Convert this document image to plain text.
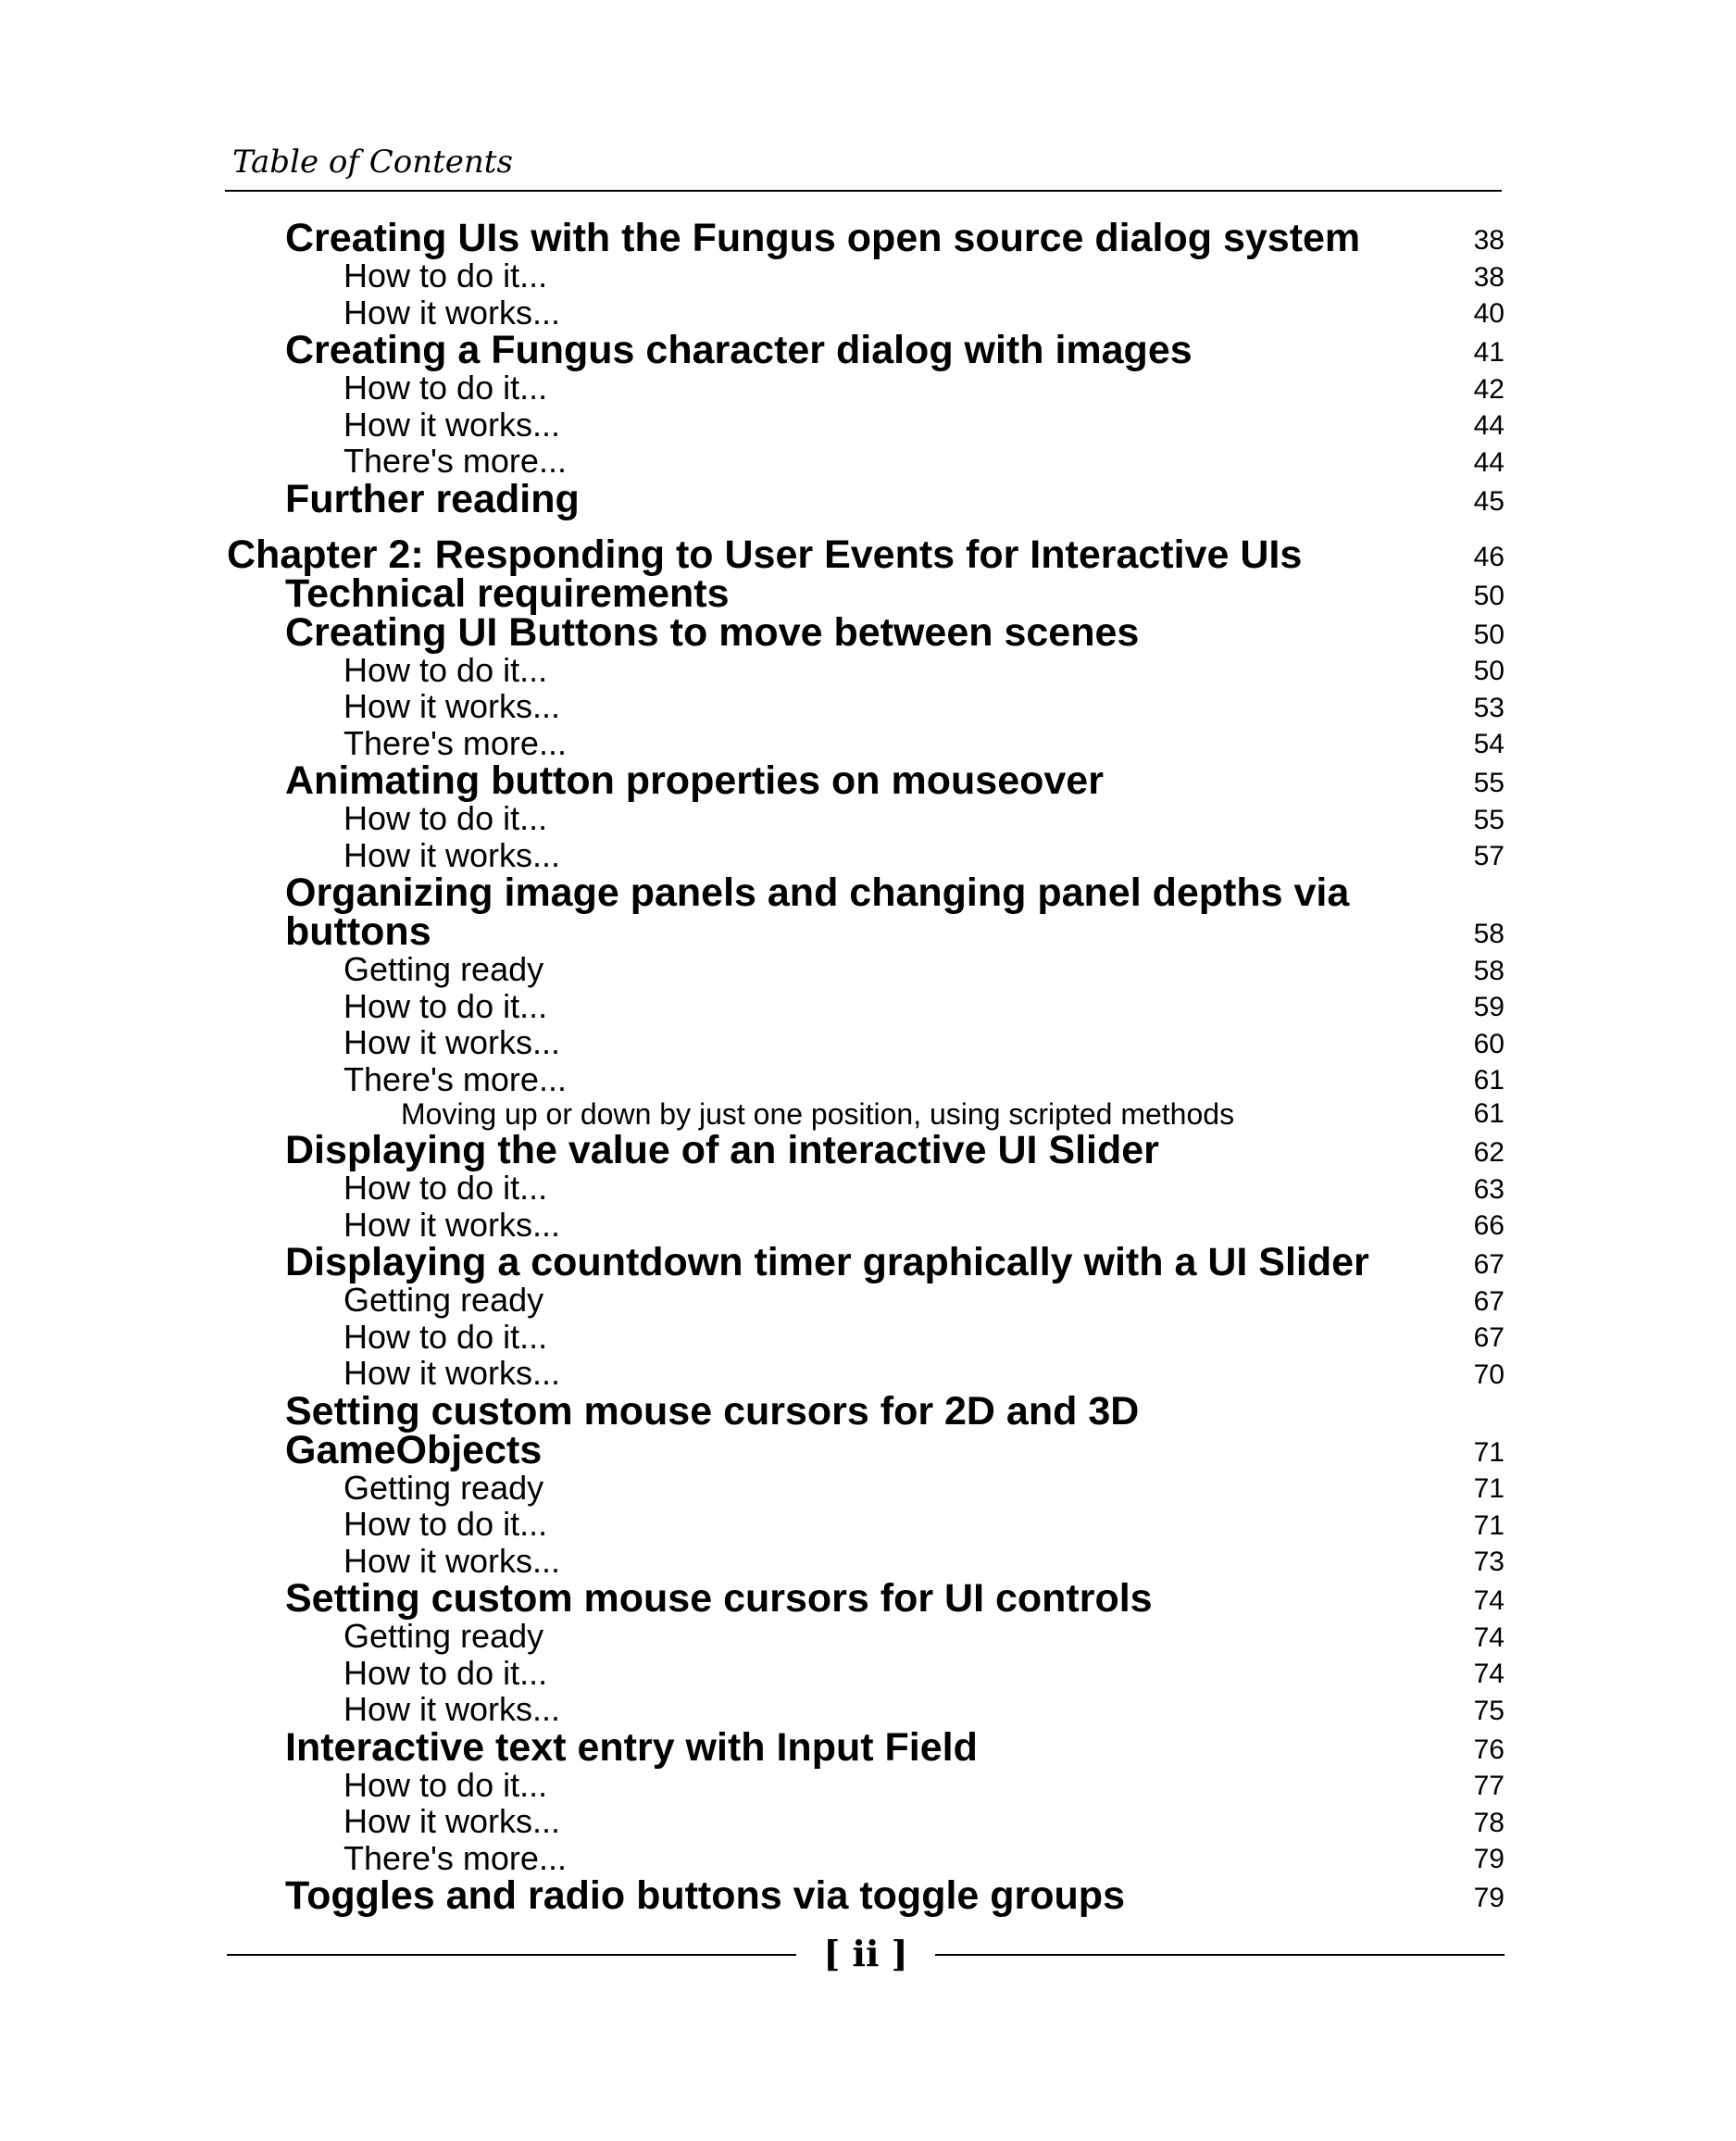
Table of Contents
Creating UIs with the Fungus open source dialog system	38
How to do it...	38
How it works...	40
Creating a Fungus character dialog with images	41
How to do it...	42
How it works...	44
There's more...	44
Further reading	45
Chapter 2: Responding to User Events for Interactive UIs	46
Technical requirements	50
Creating UI Buttons to move between scenes	50
How to do it...	50
How it works...	53
There's more...	54
Animating button properties on mouseover	55
How to do it...	55
How it works...	57
Organizing image panels and changing panel depths via buttons	58
Getting ready	58
How to do it...	59
How it works...	60
There's more...	61
Moving up or down by just one position, using scripted methods	61
Displaying the value of an interactive UI Slider	62
How to do it...	63
How it works...	66
Displaying a countdown timer graphically with a UI Slider	67
Getting ready	67
How to do it...	67
How it works...	70
Setting custom mouse cursors for 2D and 3D GameObjects	71
Getting ready	71
How to do it...	71
How it works...	73
Setting custom mouse cursors for UI controls	74
Getting ready	74
How to do it...	74
How it works...	75
Interactive text entry with Input Field	76
How to do it...	77
How it works...	78
There's more...	79
Toggles and radio buttons via toggle groups	79
[ ii ]
